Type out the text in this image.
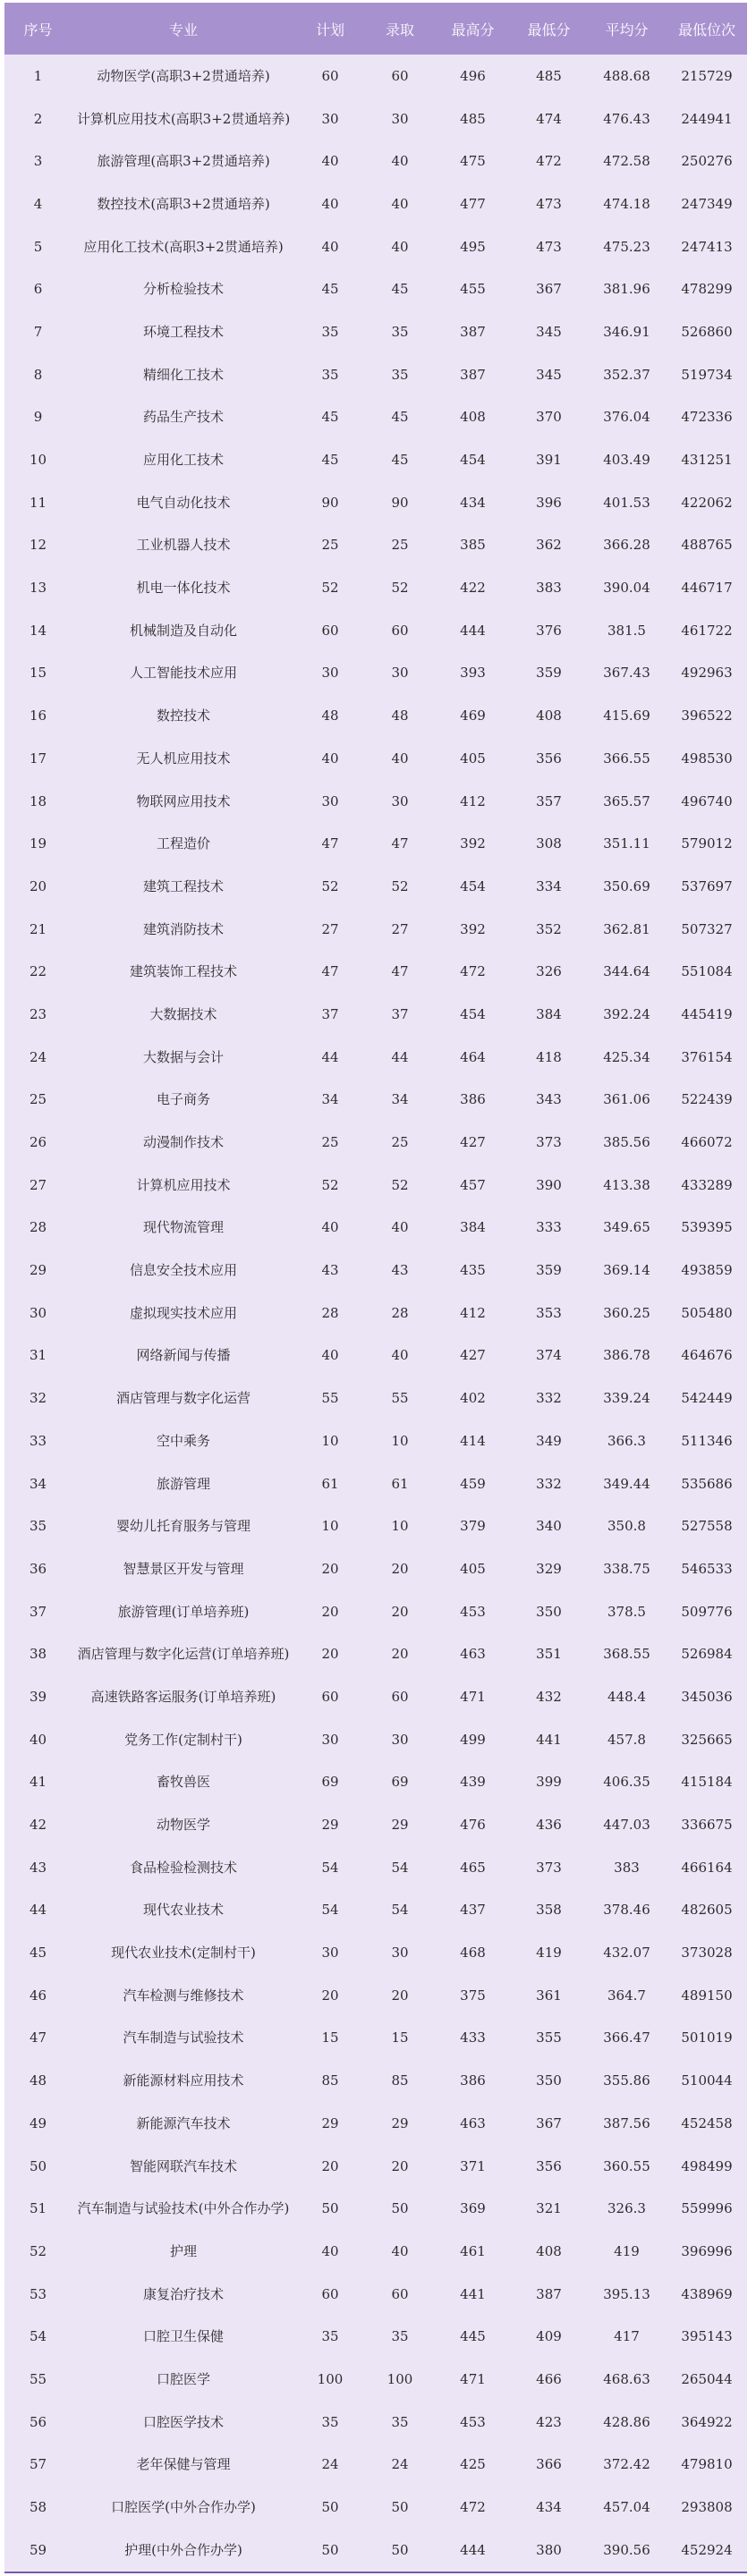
序号	专业	计划	录取	最高分	最低分	平均分	最低位次
1	动物医学(高职3+2贯通培养)	60	60	496	485	488.68	215729
2	计算机应用技术(高职3+2贯通培养)	30	30	485	474	476.43	244941
3	旅游管理(高职3+2贯通培养)	40	40	475	472	472.58	250276
4	数控技术(高职3+2贯通培养)	40	40	477	473	474.18	247349
5	应用化工技术(高职3+2贯通培养)	40	40	495	473	475.23	247413
6	分析检验技术	45	45	455	367	381.96	478299
7	环境工程技术	35	35	387	345	346.91	526860
8	精细化工技术	35	35	387	345	352.37	519734
9	药品生产技术	45	45	408	370	376.04	472336
10	应用化工技术	45	45	454	391	403.49	431251
11	电气自动化技术	90	90	434	396	401.53	422062
12	工业机器人技术	25	25	385	362	366.28	488765
13	机电一体化技术	52	52	422	383	390.04	446717
14	机械制造及自动化	60	60	444	376	381.5	461722
15	人工智能技术应用	30	30	393	359	367.43	492963
16	数控技术	48	48	469	408	415.69	396522
17	无人机应用技术	40	40	405	356	366.55	498530
18	物联网应用技术	30	30	412	357	365.57	496740
19	工程造价	47	47	392	308	351.11	579012
20	建筑工程技术	52	52	454	334	350.69	537697
21	建筑消防技术	27	27	392	352	362.81	507327
22	建筑装饰工程技术	47	47	472	326	344.64	551084
23	大数据技术	37	37	454	384	392.24	445419
24	大数据与会计	44	44	464	418	425.34	376154
25	电子商务	34	34	386	343	361.06	522439
26	动漫制作技术	25	25	427	373	385.56	466072
27	计算机应用技术	52	52	457	390	413.38	433289
28	现代物流管理	40	40	384	333	349.65	539395
29	信息安全技术应用	43	43	435	359	369.14	493859
30	虚拟现实技术应用	28	28	412	353	360.25	505480
31	网络新闻与传播	40	40	427	374	386.78	464676
32	酒店管理与数字化运营	55	55	402	332	339.24	542449
33	空中乘务	10	10	414	349	366.3	511346
34	旅游管理	61	61	459	332	349.44	535686
35	婴幼儿托育服务与管理	10	10	379	340	350.8	527558
36	智慧景区开发与管理	20	20	405	329	338.75	546533
37	旅游管理(订单培养班)	20	20	453	350	378.5	509776
38	酒店管理与数字化运营(订单培养班)	20	20	463	351	368.55	526984
39	高速铁路客运服务(订单培养班)	60	60	471	432	448.4	345036
40	党务工作(定制村干)	30	30	499	441	457.8	325665
41	畜牧兽医	69	69	439	399	406.35	415184
42	动物医学	29	29	476	436	447.03	336675
43	食品检验检测技术	54	54	465	373	383	466164
44	现代农业技术	54	54	437	358	378.46	482605
45	现代农业技术(定制村干)	30	30	468	419	432.07	373028
46	汽车检测与维修技术	20	20	375	361	364.7	489150
47	汽车制造与试验技术	15	15	433	355	366.47	501019
48	新能源材料应用技术	85	85	386	350	355.86	510044
49	新能源汽车技术	29	29	463	367	387.56	452458
50	智能网联汽车技术	20	20	371	356	360.55	498499
51	汽车制造与试验技术(中外合作办学)	50	50	369	321	326.3	559996
52	护理	40	40	461	408	419	396996
53	康复治疗技术	60	60	441	387	395.13	438969
54	口腔卫生保健	35	35	445	409	417	395143
55	口腔医学	100	100	471	466	468.63	265044
56	口腔医学技术	35	35	453	423	428.86	364922
57	老年保健与管理	24	24	425	366	372.42	479810
58	口腔医学(中外合作办学)	50	50	472	434	457.04	293808
59	护理(中外合作办学)	50	50	444	380	390.56	452924
